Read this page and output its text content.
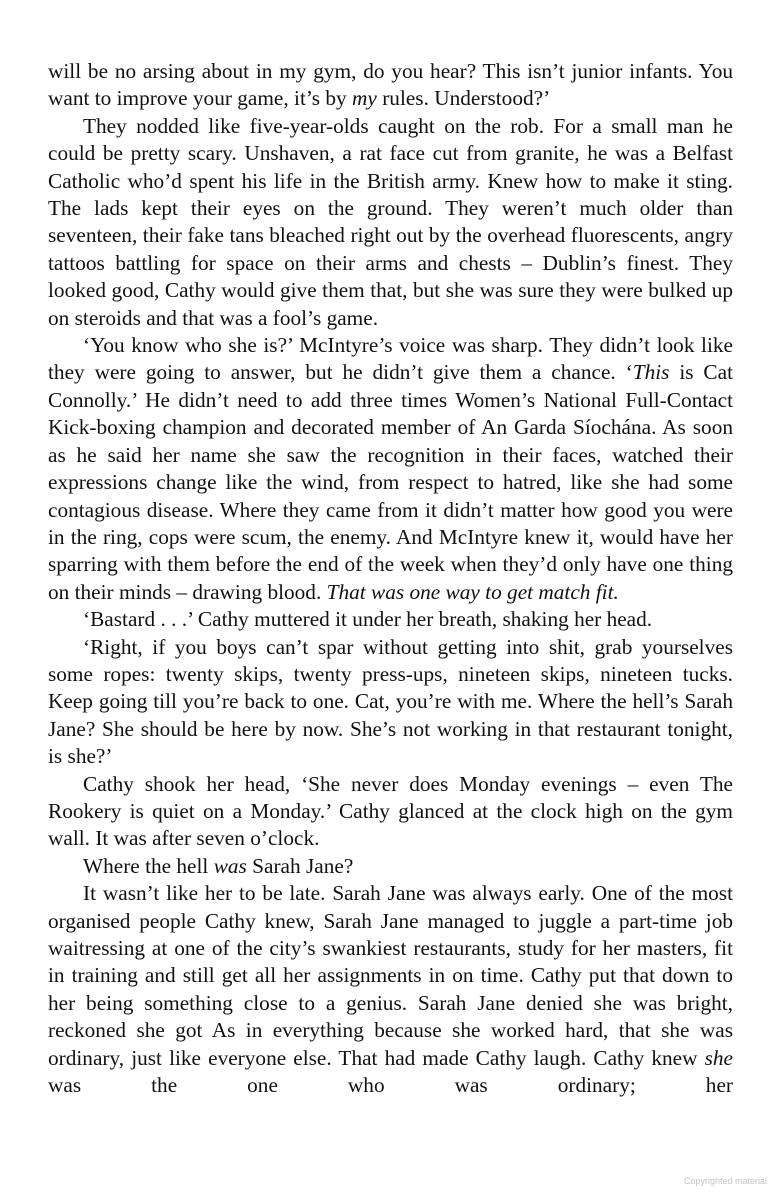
will be no arsing about in my gym, do you hear? This isn’t junior infants. You want to improve your game, it’s by my rules. Understood?’

They nodded like five-year-olds caught on the rob. For a small man he could be pretty scary. Unshaven, a rat face cut from granite, he was a Belfast Catholic who’d spent his life in the British army. Knew how to make it sting. The lads kept their eyes on the ground. They weren’t much older than seventeen, their fake tans bleached right out by the overhead fluorescents, angry tattoos battling for space on their arms and chests – Dublin’s finest. They looked good, Cathy would give them that, but she was sure they were bulked up on steroids and that was a fool’s game.

‘You know who she is?’ McIntyre’s voice was sharp. They didn’t look like they were going to answer, but he didn’t give them a chance. ‘This is Cat Connolly.’ He didn’t need to add three times Women’s National Full-Contact Kick-boxing champion and decorated member of An Garda Síochána. As soon as he said her name she saw the recognition in their faces, watched their expressions change like the wind, from respect to hatred, like she had some contagious disease. Where they came from it didn’t matter how good you were in the ring, cops were scum, the enemy. And McIntyre knew it, would have her sparring with them before the end of the week when they’d only have one thing on their minds – drawing blood. That was one way to get match fit.

‘Bastard . . .’ Cathy muttered it under her breath, shaking her head.

‘Right, if you boys can’t spar without getting into shit, grab yourselves some ropes: twenty skips, twenty press-ups, nineteen skips, nineteen tucks. Keep going till you’re back to one. Cat, you’re with me. Where the hell’s Sarah Jane? She should be here by now. She’s not working in that restaurant tonight, is she?’

Cathy shook her head, ‘She never does Monday evenings – even The Rookery is quiet on a Monday.’ Cathy glanced at the clock high on the gym wall. It was after seven o’clock.

Where the hell was Sarah Jane?

It wasn’t like her to be late. Sarah Jane was always early. One of the most organised people Cathy knew, Sarah Jane managed to juggle a part-time job waitressing at one of the city’s swankiest restaurants, study for her masters, fit in training and still get all her assignments in on time. Cathy put that down to her being something close to a genius. Sarah Jane denied she was bright, reckoned she got As in everything because she worked hard, that she was ordinary, just like everyone else. That had made Cathy laugh. Cathy knew she was the one who was ordinary; her

Copyrighted material
